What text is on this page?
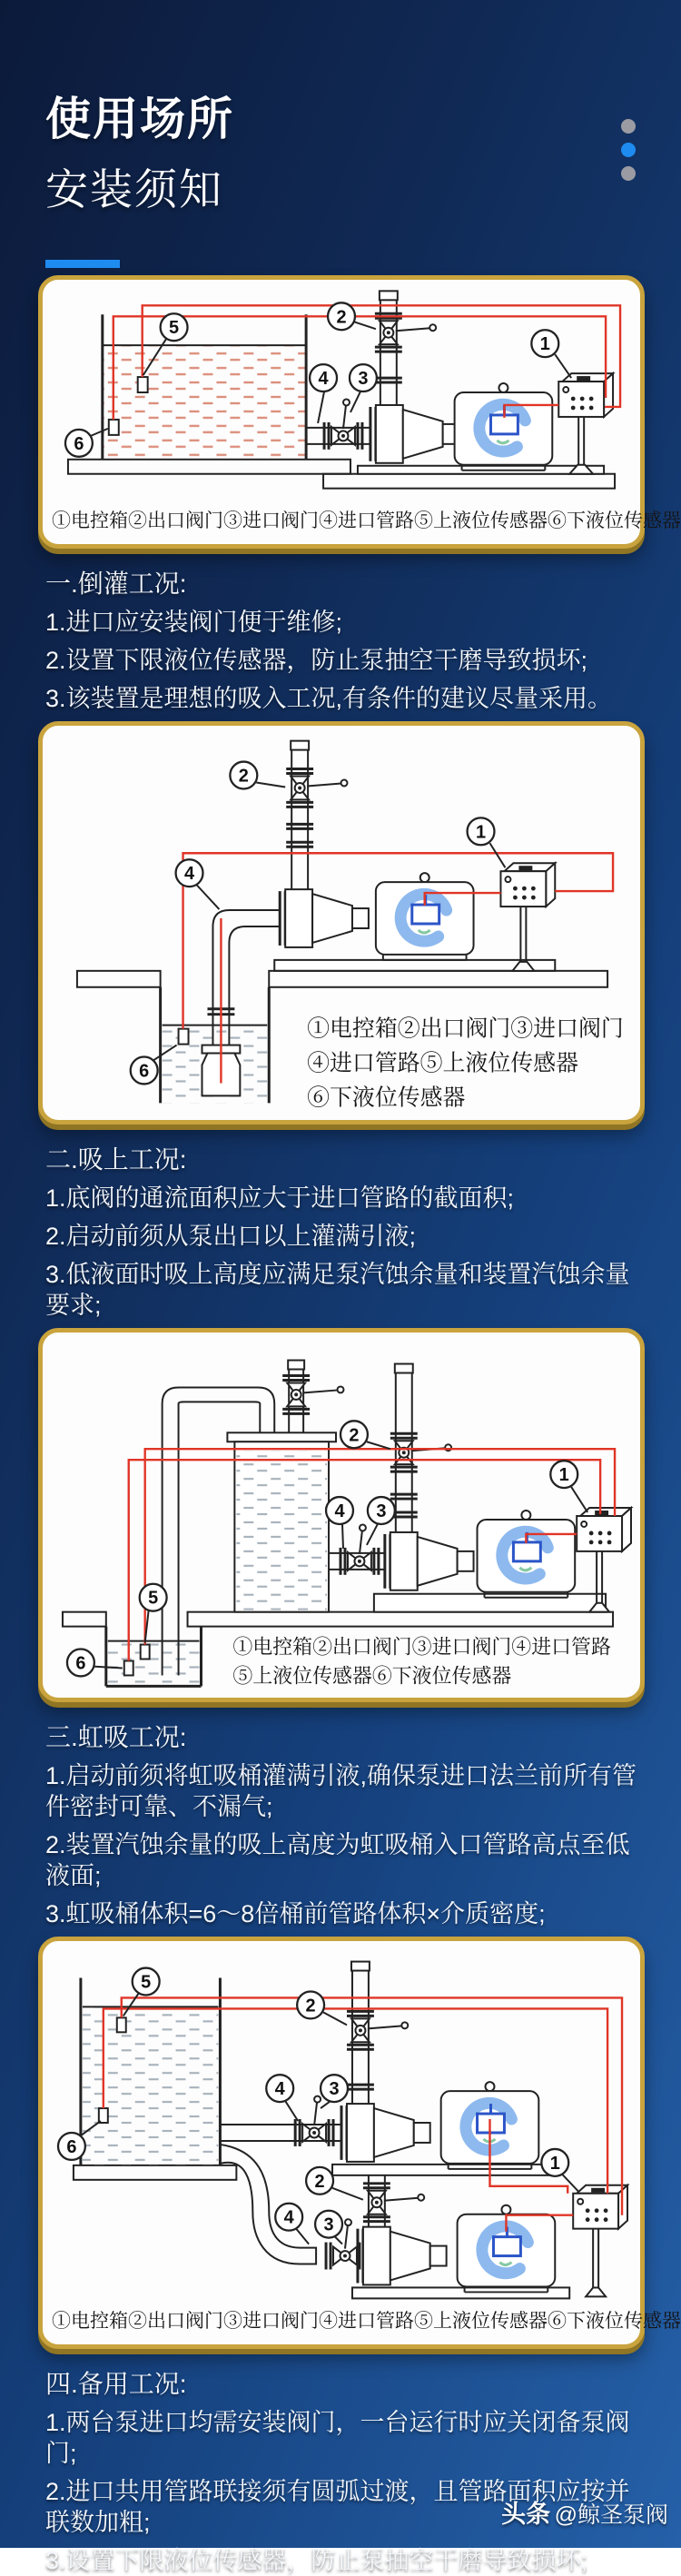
使用场所
安装须知
1
2
3
4
5
6
①电控箱②出口阀门③进口阀门④进口管路⑤上液位传感器⑥下液位传感器
一.倒灌工况:

1.进口应安装阀门便于维修;

2.设置下限液位传感器，防止泵抽空干磨导致损坏;

3.该装置是理想的吸入工况,有条件的建议尽量采用。

1
2
4
6
①电控箱②出口阀门③进口阀门
④进口管路⑤上液位传感器
⑥下液位传感器
二.吸上工况:

1.底阀的通流面积应大于进口管路的截面积;

2.启动前须从泵出口以上灌满引液;

3.低液面时吸上高度应满足泵汽蚀余量和装置汽蚀余量要求;

1
2
3
4
5
6
①电控箱②出口阀门③进口阀门④进口管路
⑤上液位传感器⑥下液位传感器
三.虹吸工况:

1.启动前须将虹吸桶灌满引液,确保泵进口法兰前所有管件密封可靠、不漏气;

2.装置汽蚀余量的吸上高度为虹吸桶入口管路高点至低液面;

3.虹吸桶体积=6～8倍桶前管路体积×介质密度;

1
2
2
3
4
3
4
5
6
①电控箱②出口阀门③进口阀门④进口管路⑤上液位传感器⑥下液位传感器
四.备用工况:

1.两台泵进口均需安装阀门，一台运行时应关闭备泵阀门;

2.进口共用管路联接须有圆弧过渡，且管路面积应按并联数加粗;

3.设置下限液位传感器，防止泵抽空干磨导致损坏;

头条 @鲸圣泵阀
